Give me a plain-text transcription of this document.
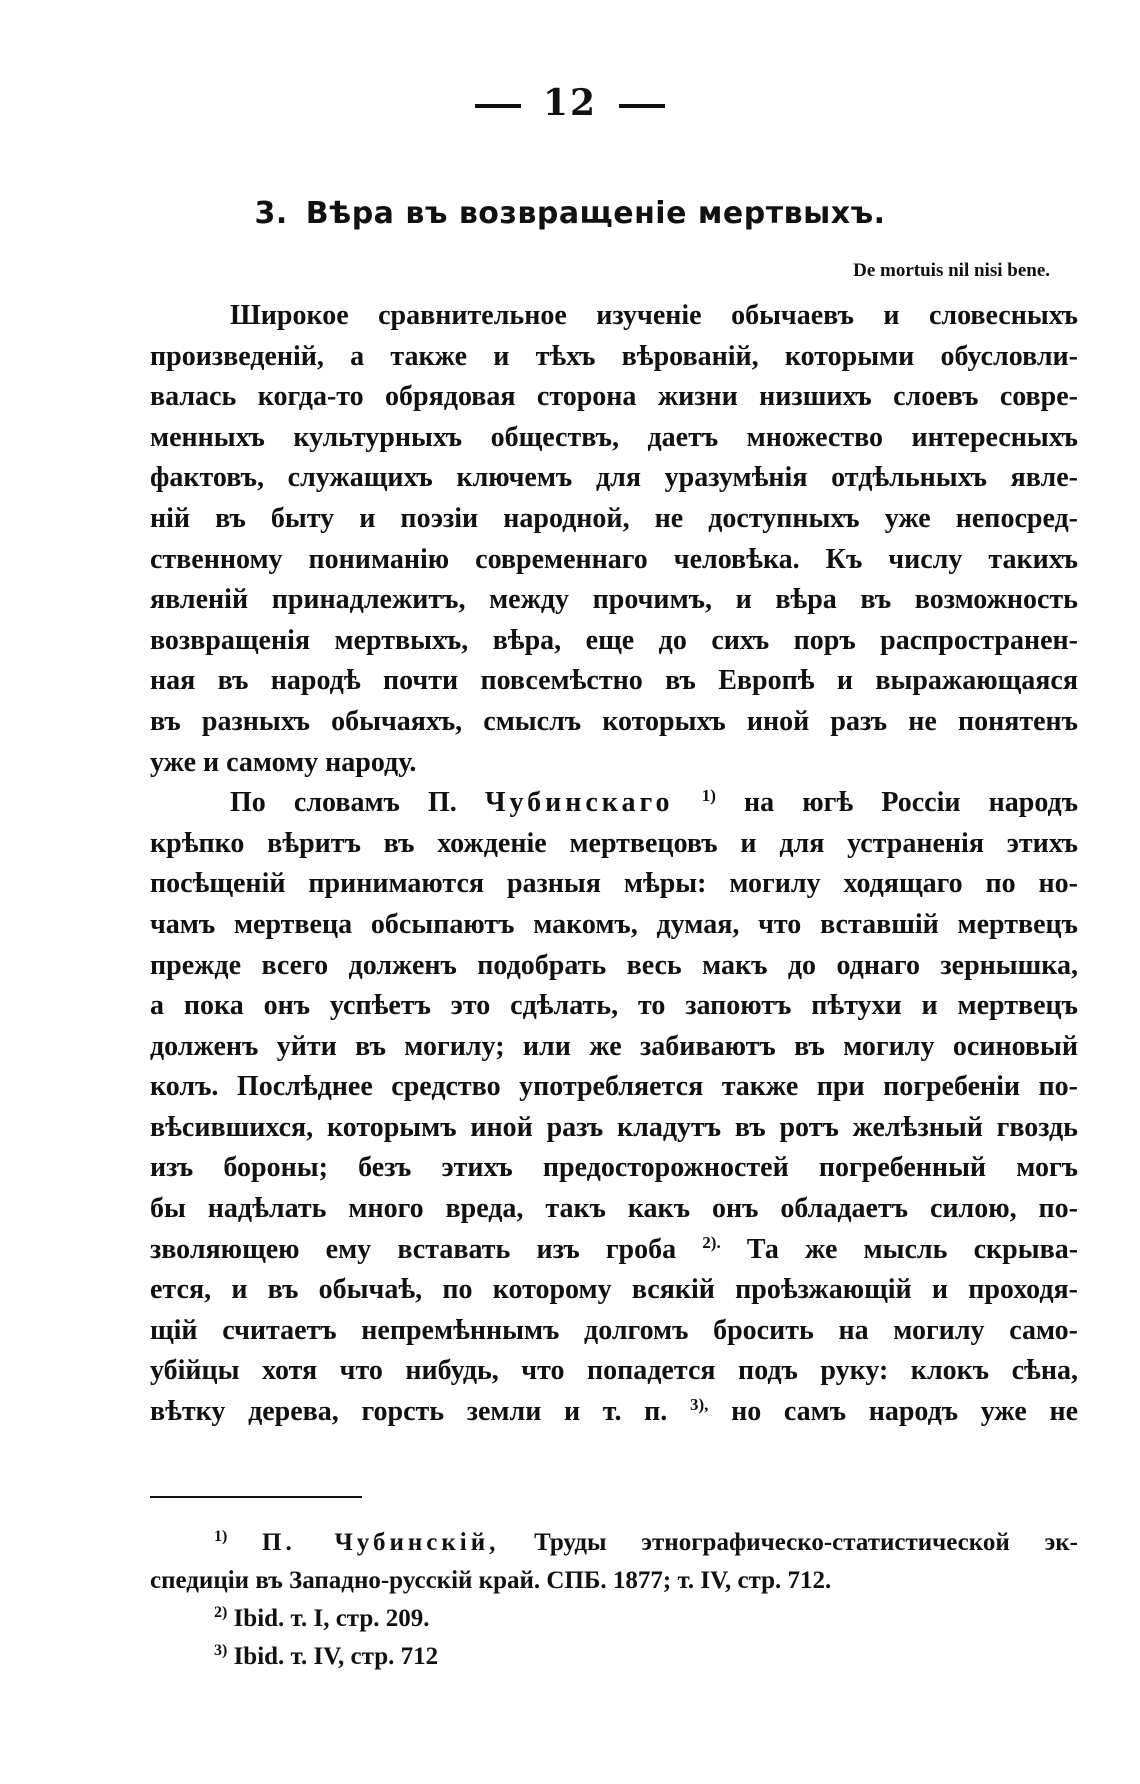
12
3. Вѣра въ возвращеніе мертвыхъ.
De mortuis nil nisi bene.
Широкое сравнительное изученіе обычаевъ и словесныхъ
произведеній, а также и тѣхъ вѣрованій, которыми обусловли-
валась когда-то обрядовая сторона жизни низшихъ слоевъ совре-
менныхъ культурныхъ обществъ, даетъ множество интересныхъ
фактовъ, служащихъ ключемъ для уразумѣнія отдѣльныхъ явле-
ній въ быту и поэзіи народной, не доступныхъ уже непосред-
ственному пониманію современнаго человѣка. Къ числу такихъ
явленій принадлежитъ, между прочимъ, и вѣра въ возможность
возвращенія мертвыхъ, вѣра, еще до сихъ поръ распространен-
ная въ народѣ почти повсемѣстно въ Европѣ и выражающаяся
въ разныхъ обычаяхъ, смыслъ которыхъ иной разъ не понятенъ
уже и самому народу.
По словамъ П. Чубинскаго $^{1)}$ на югѣ Россіи народъ
крѣпко вѣритъ въ хожденіе мертвецовъ и для устраненія этихъ
посѣщеній принимаются разныя мѣры: могилу ходящаго по но-
чамъ мертвеца обсыпаютъ макомъ, думая, что вставшій мертвецъ
прежде всего долженъ подобрать весь макъ до однаго зернышка,
а пока онъ успѣетъ это сдѣлать, то запоютъ пѣтухи и мертвецъ
долженъ уйти въ могилу; или же забиваютъ въ могилу осиновый
колъ. Послѣднее средство употребляется также при погребеніи по-
вѣсившихся, которымъ иной разъ кладутъ въ ротъ желѣзный гвоздь
изъ бороны; безъ этихъ предосторожностей погребенный могъ
бы надѣлать много вреда, такъ какъ онъ обладаетъ силою, по-
зволяющею ему вставать изъ гроба $^{2).}$ Та же мысль скрыва-
ется, и въ обычаѣ, по которому всякій проѣзжающій и проходя-
щій считаетъ непремѣннымъ долгомъ бросить на могилу само-
убійцы хотя что нибудь, что попадется подъ руку: клокъ сѣна,
вѣтку дерева, горсть земли и т. п. $^{3),}$ но самъ народъ уже не
$^{1)}$ П. Чубинскій, Труды этнографическо-статистической эк-
спедиціи въ Западно-русскій край. СПБ. 1877; т. IV, стр. 712.
$^{2)}$ Ibid. т. I, стр. 209.
$^{3)}$ Ibid. т. IV, стр. 712
